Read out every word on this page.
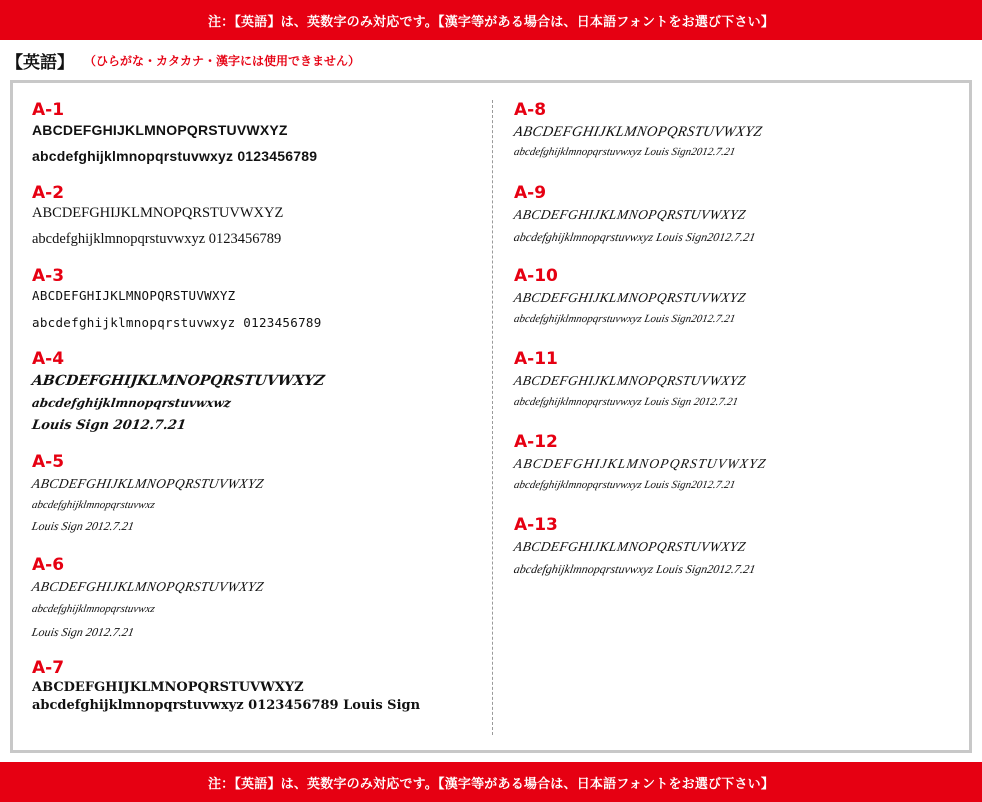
注：【英語】は、英数字のみ対応です。【漢字等がある場合は、日本語フォントをお選び下さい】
【英語】 （ひらがな・カタカナ・漢字には使用できません）
A-1
ABCDEFGHIJKLMNOPQRSTUVWXYZ
abcdefghijklmnopqrstuvwxyz 0123456789
A-2
ABCDEFGHIJKLMNOPQRSTUVWXYZ
abcdefghijklmnopqrstuvwxyz 0123456789
A-3
ABCDEFGHIJKLMNOPQRSTUVWXYZ
abcdefghijklmnopqrstuvwxyz 0123456789
A-4
ABCDEFGHIJKLMNOPQRSTUVWXYZ
abcdefghijklmnopqrstuvwxwz
Louis Sign 2012.7.21
A-5
ABCDEFGHIJKLMNOPQRSTUVWXYZ
abcdefghijklmnopqrstuvwxz
Louis Sign 2012.7.21
A-6
ABCDEFGHIJKLMNOPQRSTUVWXYZ
abcdefghijklmnopqrstuvwxz
Louis Sign 2012.7.21
A-7
ABCDEFGHIJKLMNOPQRSTUVWXYZ
abcdefghijklmnopqrstuvwxyz 0123456789 Louis Sign
A-8
ABCDEFGHIJKLMNOPQRSTUVWXYZ
abcdefghijklmnopqrstuvwxyz Louis Sign2012.7.21
A-9
ABCDEFGHIJKLMNOPQRSTUVWXYZ
abcdefghijklmnopqrstuvwxyz Louis Sign2012.7.21
A-10
ABCDEFGHIJKLMNOPQRSTUVWXYZ
abcdefghijklmnopqrstuvwxyz Louis Sign2012.7.21
A-11
ABCDEFGHIJKLMNOPQRSTUVWXYZ
abcdefghijklmnopqrstuvwxyz Louis Sign 2012.7.21
A-12
ABCDEFGHIJKLMNOPQRSTUVWXYZ
abcdefghijklmnopqrstuvwxyz Louis Sign2012.7.21
A-13
ABCDEFGHIJKLMNOPQRSTUVWXYZ
abcdefghijklmnopqrstuvwxyz Louis Sign2012.7.21
注：【英語】は、英数字のみ対応です。【漢字等がある場合は、日本語フォントをお選び下さい】
